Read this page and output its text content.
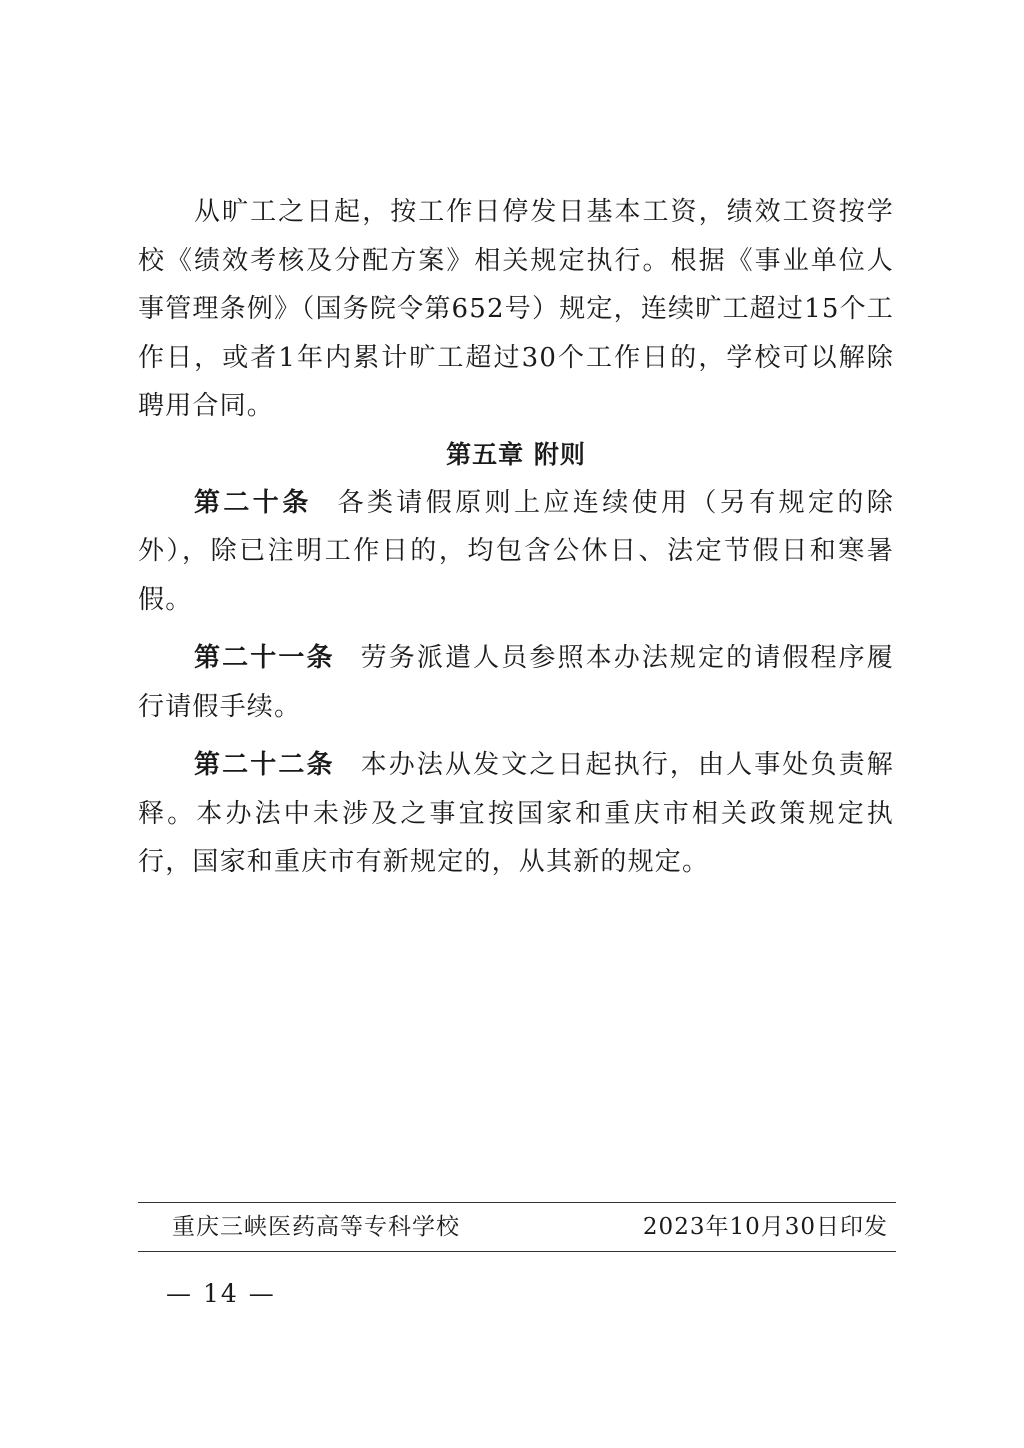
从旷工之日起，按工作日停发日基本工资，绩效工资按学校《绩效考核及分配方案》相关规定执行。根据《事业单位人事管理条例》（国务院令第652号）规定，连续旷工超过15个工作日，或者1年内累计旷工超过30个工作日的，学校可以解除聘用合同。

第五章 附则

第二十条 各类请假原则上应连续使用（另有规定的除外），除已注明工作日的，均包含公休日、法定节假日和寒暑假。

第二十一条 劳务派遣人员参照本办法规定的请假程序履行请假手续。

第二十二条 本办法从发文之日起执行，由人事处负责解释。本办法中未涉及之事宜按国家和重庆市相关政策规定执行，国家和重庆市有新规定的，从其新的规定。

重庆三峡医药高等专科学校	2023年10月30日印发
— 14 —
